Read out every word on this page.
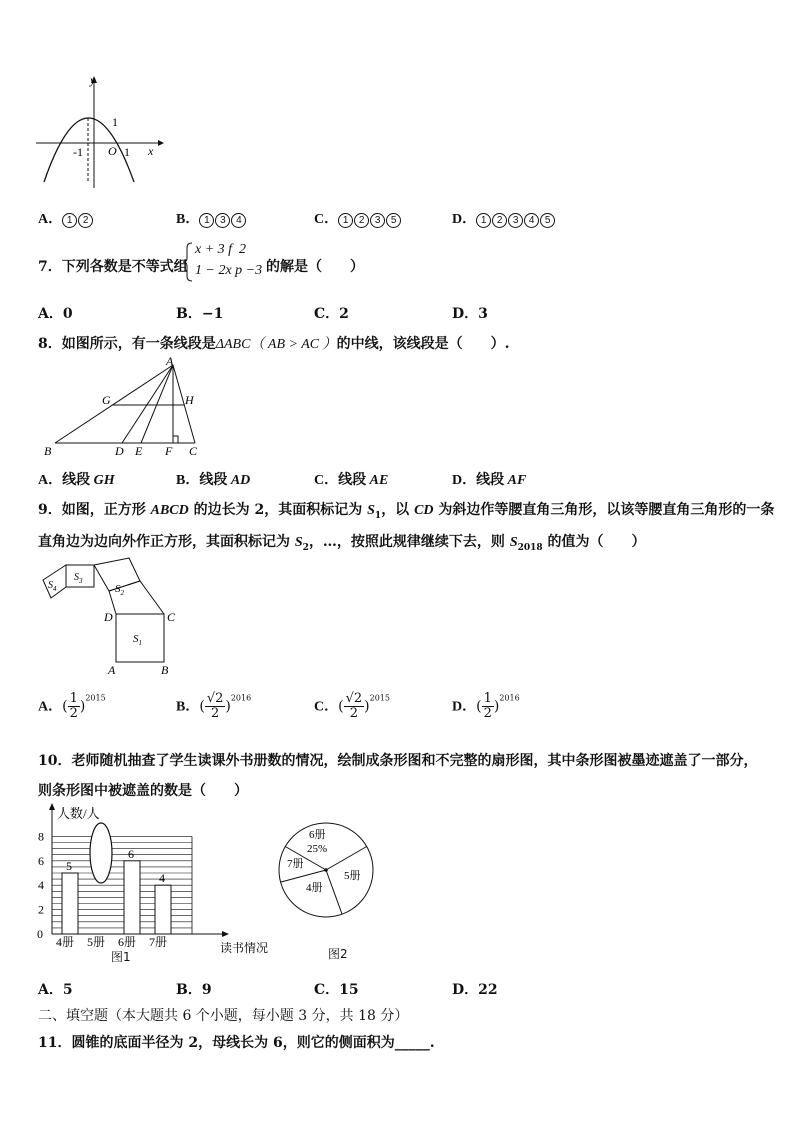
y
x
O
-1	1
1
A． 1 2	B． 1 3 4	C． 1 2 3 5	D． 1 2 3 4 5
7．下列各数是不等式组
x + 3 f  2
1 − 2x p −3 的解是（　　）
A．0	B．−1	C．2	D．3
8．如图所示，有一条线段是ΔABC（ AB > AC ）的中线，该线段是（　　）.
A
G	H
B	D E F C
A．线段 GH	B．线段 AD	C．线段 AE	D．线段 AF
9．如图，正方形 ABCD 的边长为 2，其面积标记为 $S_1$，以 CD 为斜边作等腰直角三角形，以该等腰直角三角形的一条
直角边为边向外作正方形，其面积标记为 $S_2$，…，按照此规律继续下去，则 $S_{2018}$ 的值为（　　）
$S_1$
$S_2$
$S_3$
$S_4$
D	C
A	B
A．( $\frac{1}{2} )^{2015}$
B．( $\frac{√2}{2} )^{2016}$
C．( $\frac{√2}{2} )^{2015}$
D．( $\frac{1}{2} )^{2016}$
10．老师随机抽查了学生读课外书册数的情况，绘制成条形图和不完整的扇形图，其中条形图被墨迹遮盖了一部分，
则条形图中被遮盖的数是（　　）
0
2
4
6
8
人数/人
读书情况
5
4册 5册
6
6册
4
7册
图1
6册
7册
4册
5册
25%
图2
A．5	B．9	C．15	D．22
二、填空题（本大题共 6 个小题，每小题 3 分，共 18 分）
11．圆锥的底面半径为 2，母线长为 6，则它的侧面积为_____.
